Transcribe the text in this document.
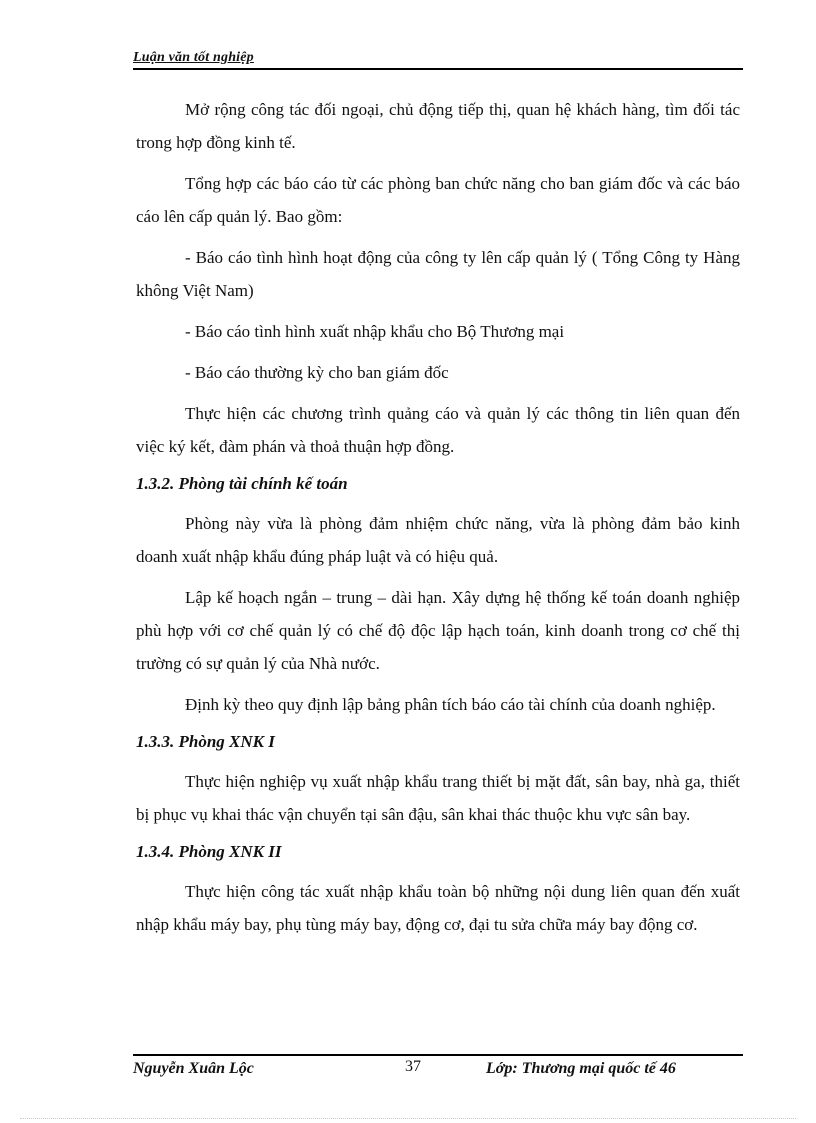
Luận văn tốt nghiệp

Mở rộng công tác đối ngoại, chủ động tiếp thị, quan hệ khách hàng, tìm đối tác trong hợp đồng kinh tế.

Tổng hợp các báo cáo từ các phòng ban chức năng cho ban giám đốc và các báo cáo lên cấp quản lý. Bao gồm:

- Báo cáo tình hình hoạt động của công ty lên cấp quản lý ( Tổng Công ty Hàng không Việt Nam)

- Báo cáo tình hình xuất nhập khẩu cho Bộ Thương mại

- Báo cáo thường kỳ cho ban giám đốc

Thực hiện các chương trình quảng cáo và quản lý các thông tin liên quan đến việc ký kết, đàm phán và thoả thuận hợp đồng.

1.3.2. Phòng tài chính kế toán

Phòng này vừa là phòng đảm nhiệm chức năng, vừa là phòng đảm bảo kinh doanh xuất nhập khẩu đúng pháp luật và có hiệu quả.

Lập kế hoạch ngắn – trung – dài hạn. Xây dựng hệ thống kế toán doanh nghiệp phù hợp với cơ chế quản lý có chế độ độc lập hạch toán, kinh doanh trong cơ chế thị trường có sự quản lý của Nhà nước.

Định kỳ theo quy định lập bảng phân tích báo cáo tài chính của doanh nghiệp.

1.3.3. Phòng XNK I

Thực hiện nghiệp vụ xuất nhập khẩu trang thiết bị mặt đất, sân bay, nhà ga, thiết bị phục vụ khai thác vận chuyển tại sân đậu, sân khai thác thuộc khu vực sân bay.

1.3.4. Phòng XNK II

Thực hiện công tác xuất nhập khẩu toàn bộ những nội dung liên quan đến xuất nhập khẩu máy bay, phụ tùng máy bay, động cơ, đại tu sửa chữa máy bay động cơ.

Nguyễn Xuân Lộc	37	Lớp: Thương mại quốc tế 46
